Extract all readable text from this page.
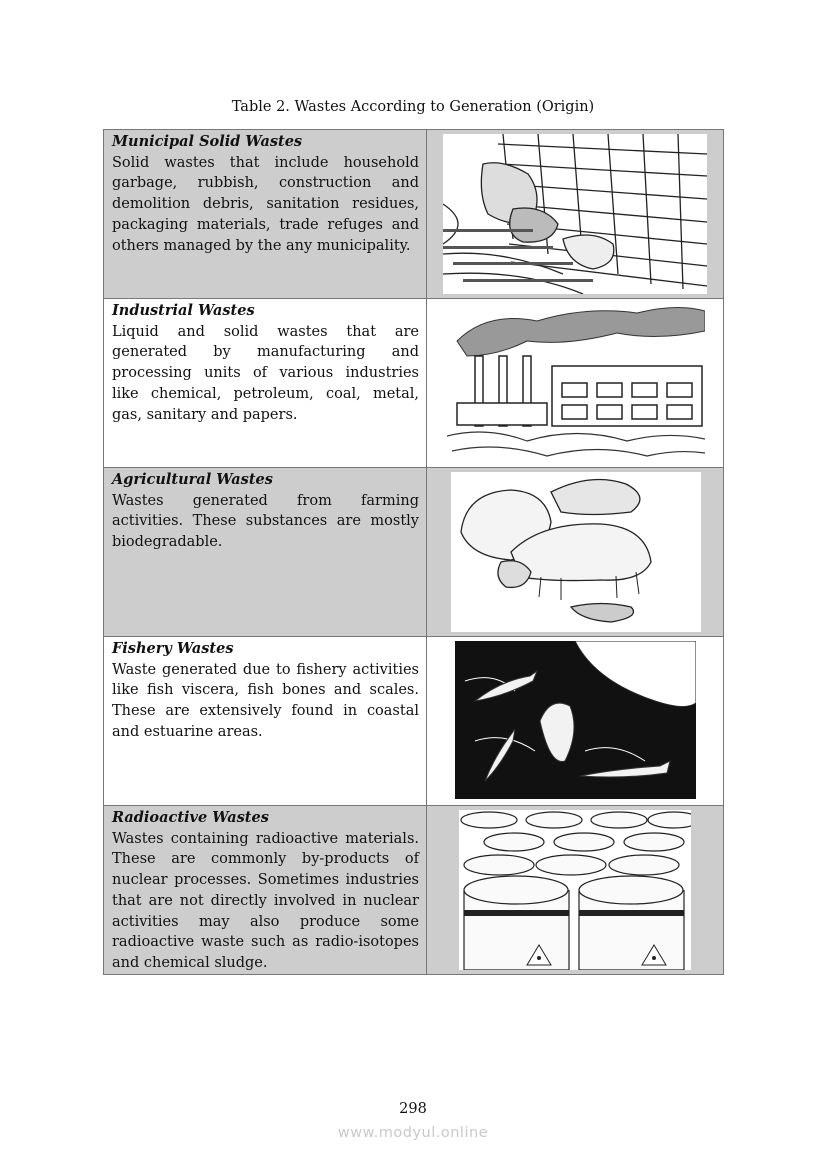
Table 2. Wastes According to Generation (Origin)
Municipal Solid Wastes
Solid wastes that include household garbage, rubbish, construction and demolition debris, sanitation residues, packaging materials, trade refuges and others managed by the any municipality.

Industrial Wastes
Liquid and solid wastes that are generated by manufacturing and processing units of various industries like chemical, petroleum, coal, metal, gas, sanitary and papers.

Agricultural Wastes
Wastes generated from farming activities. These substances are mostly biodegradable.

Fishery Wastes
Waste generated due to fishery activities like fish viscera, fish bones and scales. These are extensively found in coastal and estuarine areas.

Radioactive Wastes
Wastes containing radioactive materials. These are commonly by-products of nuclear processes. Sometimes industries that are not directly involved in nuclear activities may also produce some radioactive waste such as radio-isotopes and chemical sludge.

298
www.modyul.online
